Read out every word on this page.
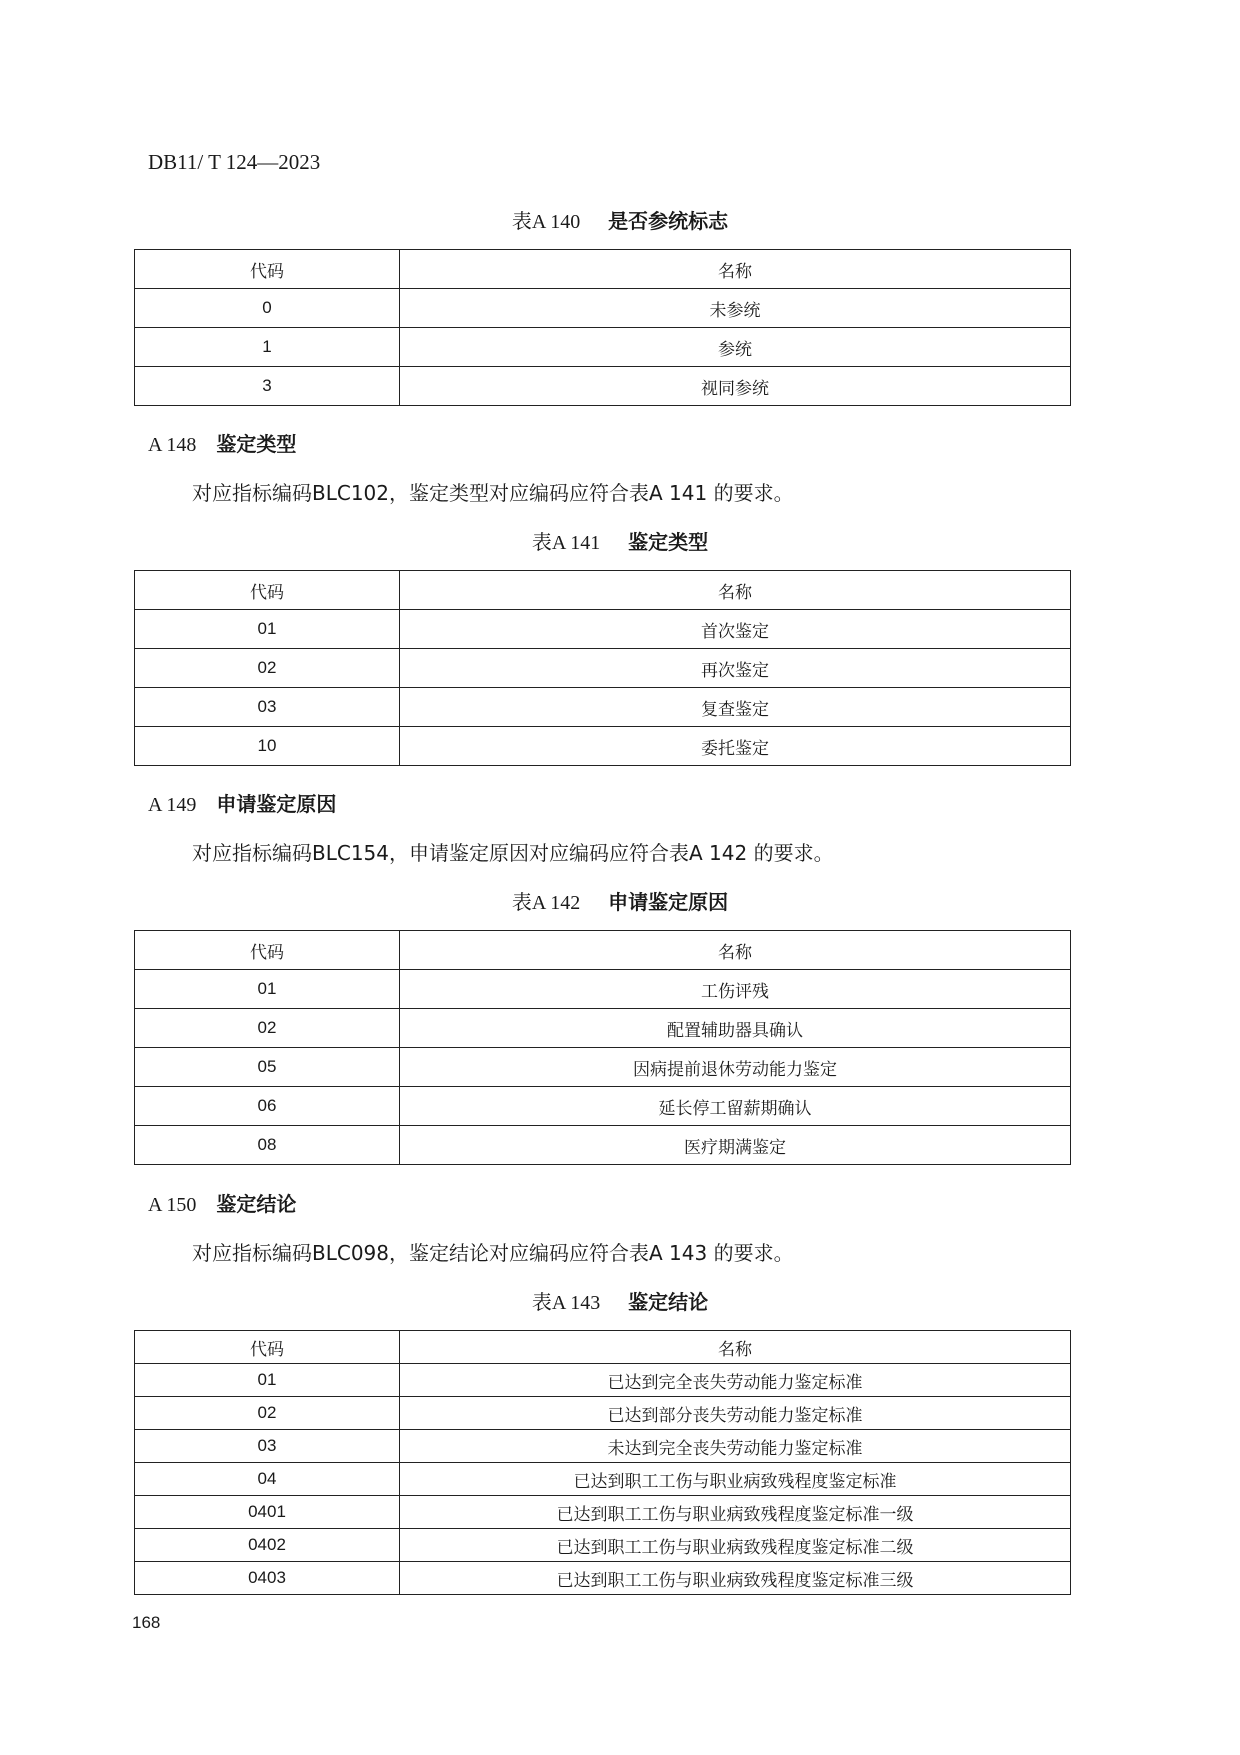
DB11/ T 124—2023
表A 140 是否参统标志
代码	名称
0	未参统
1	参统
3	视同参统
A 148 鉴定类型
对应指标编码BLC102，鉴定类型对应编码应符合表A 141 的要求。
表A 141 鉴定类型
代码	名称
01	首次鉴定
02	再次鉴定
03	复查鉴定
10	委托鉴定
A 149 申请鉴定原因
对应指标编码BLC154，申请鉴定原因对应编码应符合表A 142 的要求。
表A 142 申请鉴定原因
代码	名称
01	工伤评残
02	配置辅助器具确认
05	因病提前退休劳动能力鉴定
06	延长停工留薪期确认
08	医疗期满鉴定
A 150 鉴定结论
对应指标编码BLC098，鉴定结论对应编码应符合表A 143 的要求。
表A 143 鉴定结论
代码	名称
01	已达到完全丧失劳动能力鉴定标准
02	已达到部分丧失劳动能力鉴定标准
03	未达到完全丧失劳动能力鉴定标准
04	已达到职工工伤与职业病致残程度鉴定标准
0401	已达到职工工伤与职业病致残程度鉴定标准一级
0402	已达到职工工伤与职业病致残程度鉴定标准二级
0403	已达到职工工伤与职业病致残程度鉴定标准三级
168
